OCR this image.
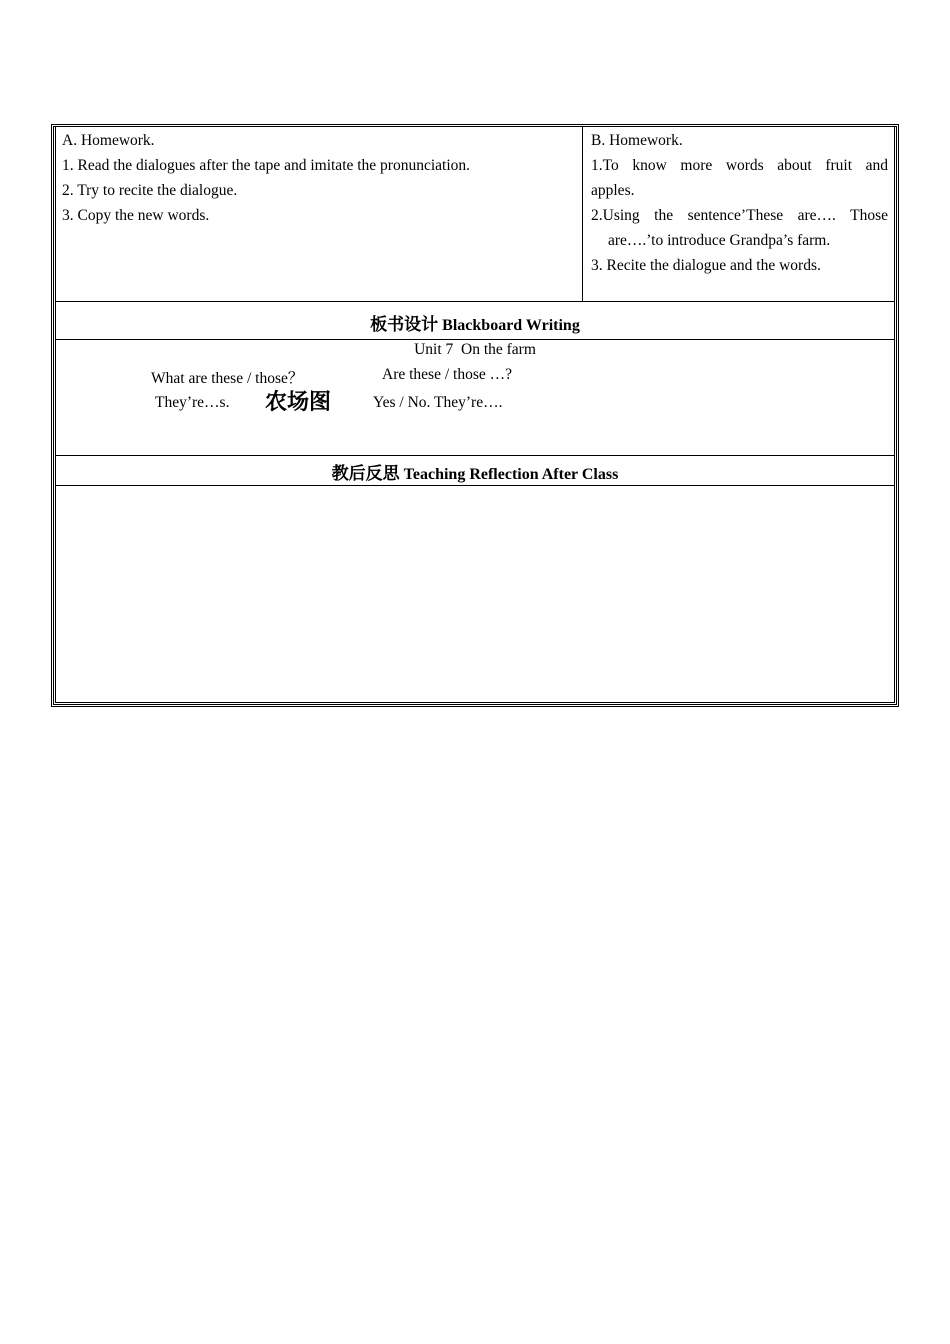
A. Homework.
1. Read the dialogues after the tape and imitate the pronunciation.
2. Try to recite the dialogue.
3. Copy the new words.
B. Homework.
1.To know more words about fruit and
apples.
2.Using the sentence’These are…. Those
are….’to introduce Grandpa’s farm.
3. Recite the dialogue and the words.
板书设计 Blackboard Writing
Unit 7  On the farm
What are these / those？	Are these / those …?
They’re…s. 农场图	Yes / No. They’re….
教后反思 Teaching Reflection After Class
